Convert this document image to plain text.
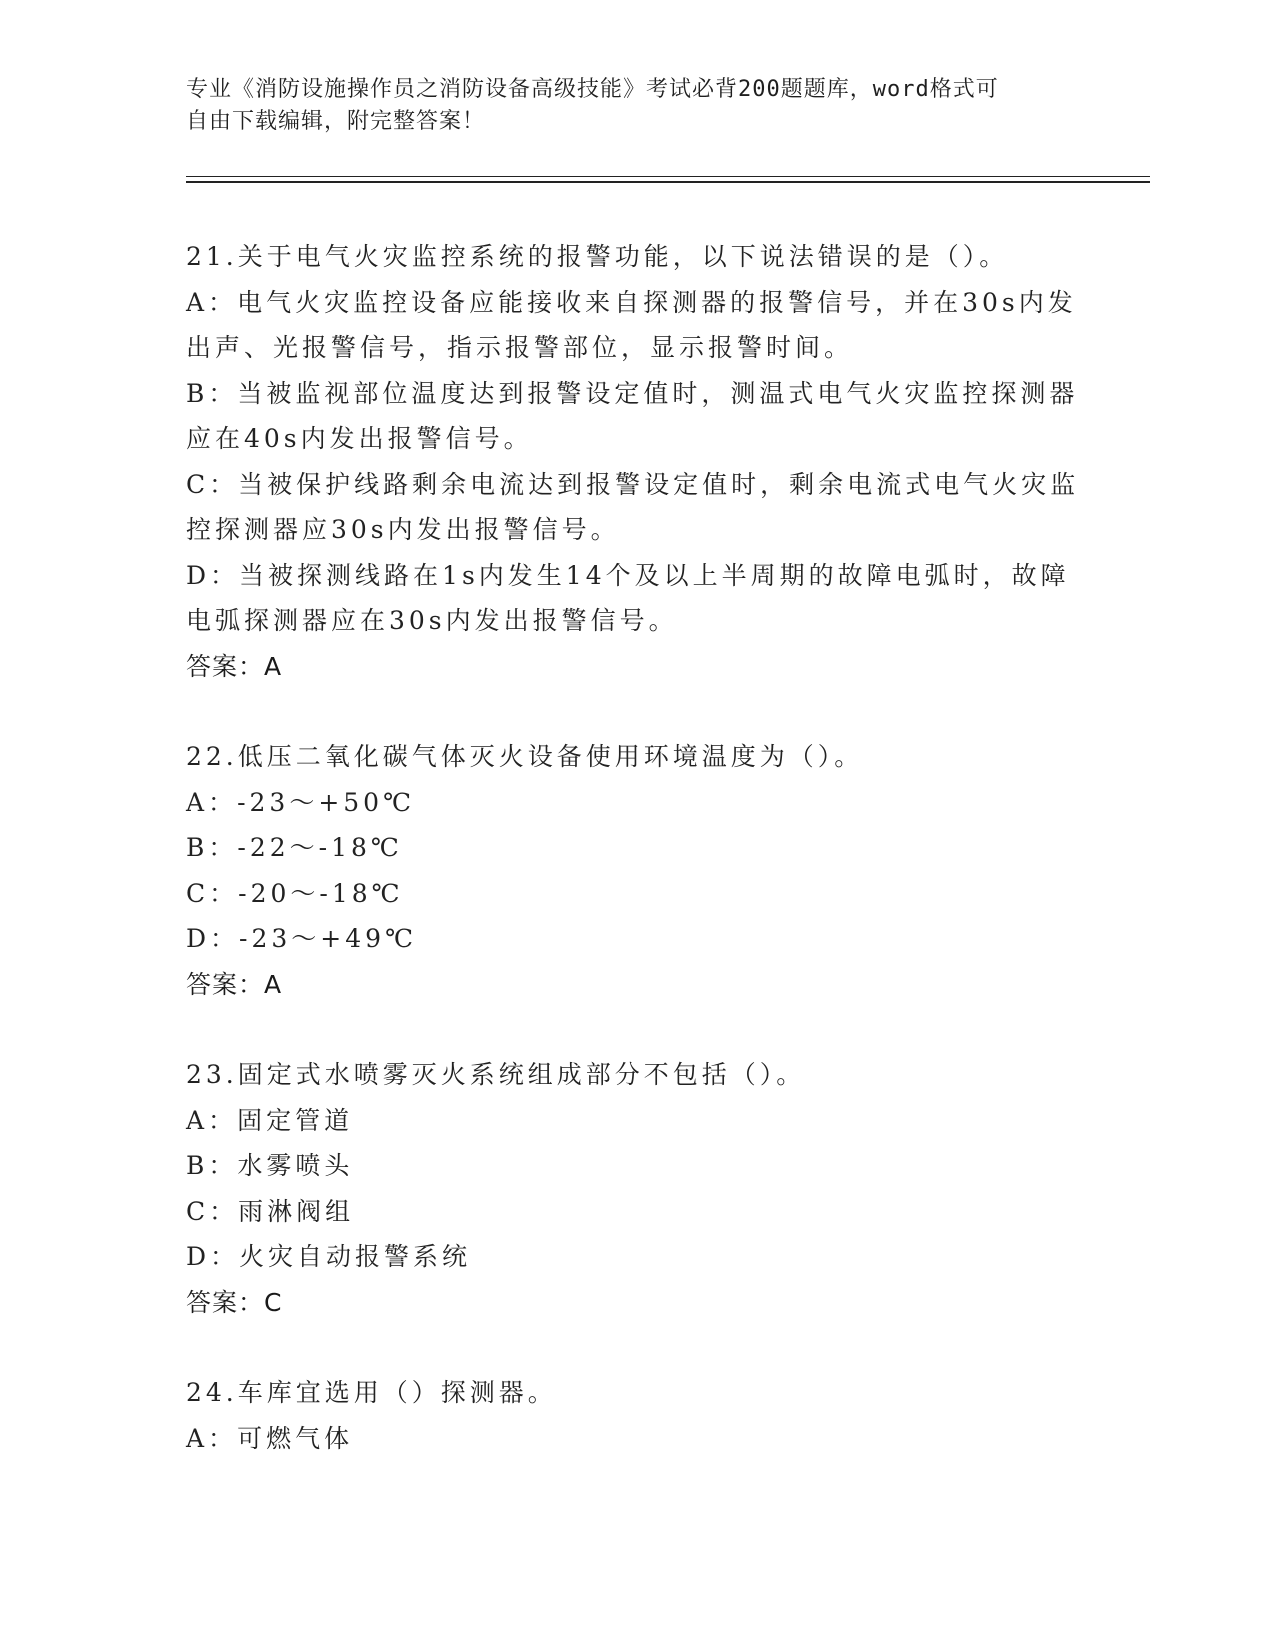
专业《消防设施操作员之消防设备高级技能》考试必背200题题库，word格式可
自由下载编辑，附完整答案！
21.关于电气火灾监控系统的报警功能，以下说法错误的是（）。
A：电气火灾监控设备应能接收来自探测器的报警信号，并在30s内发
出声、光报警信号，指示报警部位，显示报警时间。
B：当被监视部位温度达到报警设定值时，测温式电气火灾监控探测器
应在40s内发出报警信号。
C：当被保护线路剩余电流达到报警设定值时，剩余电流式电气火灾监
控探测器应30s内发出报警信号。
D：当被探测线路在1s内发生14个及以上半周期的故障电弧时，故障
电弧探测器应在30s内发出报警信号。
答案：A
22.低压二氧化碳气体灭火设备使用环境温度为（）。
A：-23～+50℃
B：-22～-18℃
C：-20～-18℃
D：-23～+49℃
答案：A
23.固定式水喷雾灭火系统组成部分不包括（）。
A：固定管道
B：水雾喷头
C：雨淋阀组
D：火灾自动报警系统
答案：C
24.车库宜选用（）探测器。
A：可燃气体
